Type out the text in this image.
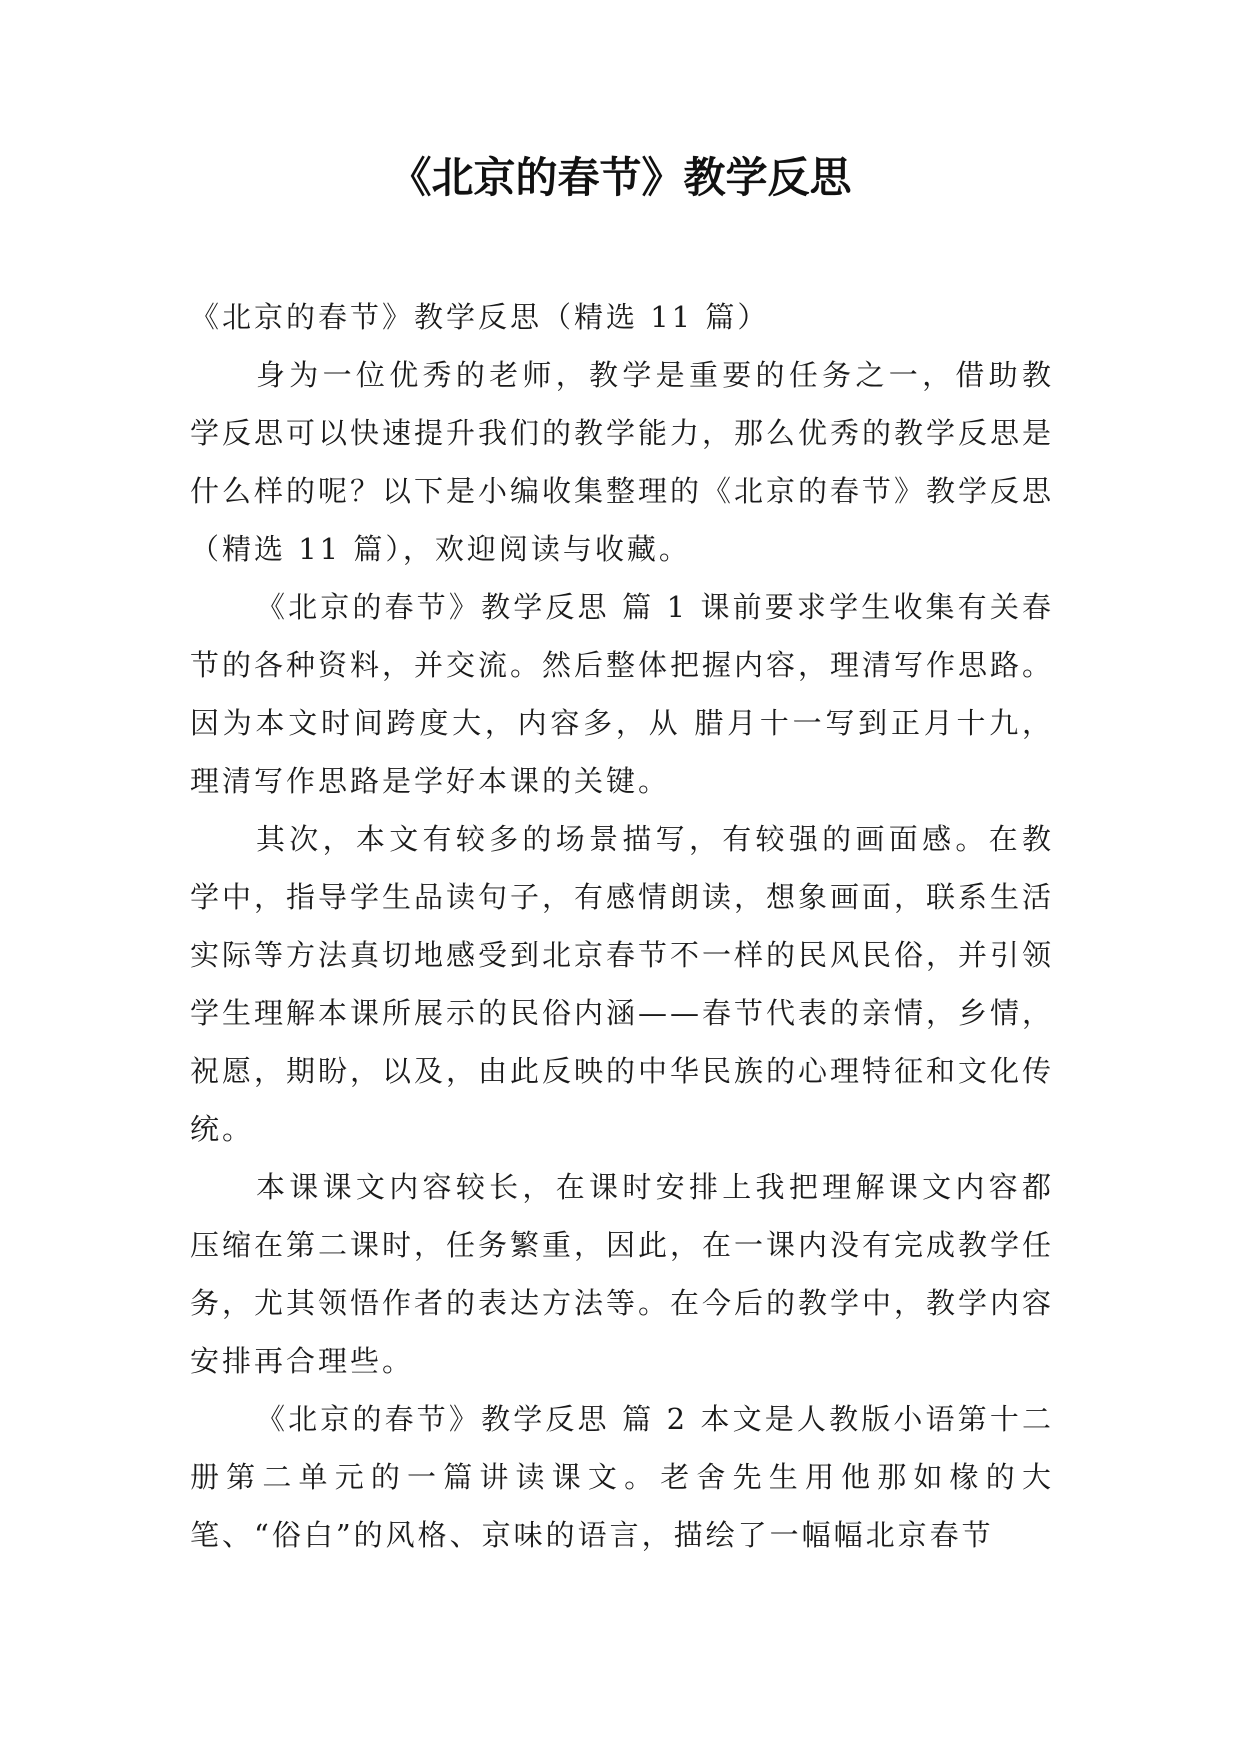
《北京的春节》教学反思

《北京的春节》教学反思（精选 11 篇）

身为一位优秀的老师，教学是重要的任务之一，借助教学反思可以快速提升我们的教学能力，那么优秀的教学反思是什么样的呢？以下是小编收集整理的《北京的春节》教学反思（精选 11 篇），欢迎阅读与收藏。

《北京的春节》教学反思 篇 1 课前要求学生收集有关春节的各种资料，并交流。然后整体把握内容，理清写作思路。因为本文时间跨度大，内容多，从 腊月十一写到正月十九，理清写作思路是学好本课的关键。

其次，本文有较多的场景描写，有较强的画面感。在教学中，指导学生品读句子，有感情朗读，想象画面，联系生活实际等方法真切地感受到北京春节不一样的民风民俗，并引领学生理解本课所展示的民俗内涵——春节代表的亲情，乡情，祝愿，期盼，以及，由此反映的中华民族的心理特征和文化传统。

本课课文内容较长，在课时安排上我把理解课文内容都压缩在第二课时，任务繁重，因此，在一课内没有完成教学任务，尤其领悟作者的表达方法等。在今后的教学中，教学内容安排再合理些。

《北京的春节》教学反思 篇 2 本文是人教版小语第十二册第二单元的一篇讲读课文。老舍先生用他那如椽的大笔、“俗白”的风格、京味的语言，描绘了一幅幅北京春节
